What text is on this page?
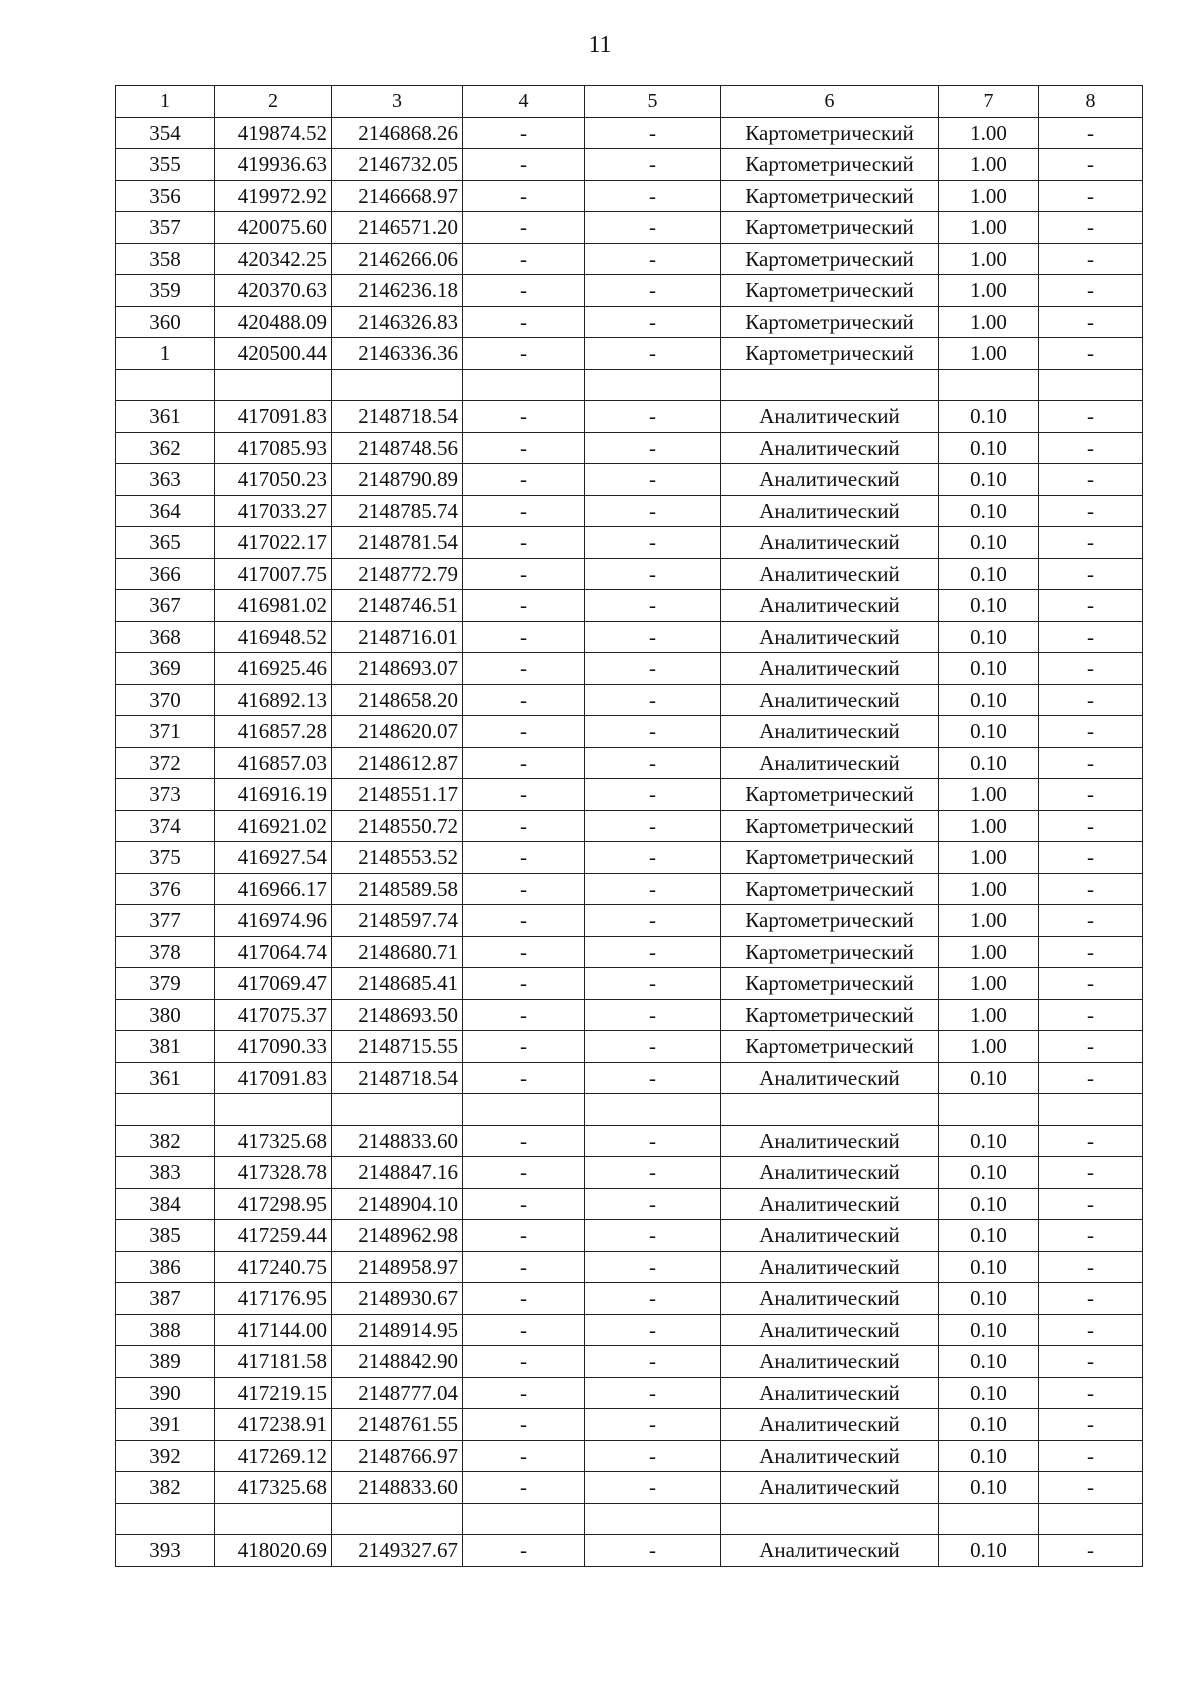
11
1	2	3	4	5	6	7	8
354	419874.52	2146868.26	-	-	Картометрический	1.00	-
355	419936.63	2146732.05	-	-	Картометрический	1.00	-
356	419972.92	2146668.97	-	-	Картометрический	1.00	-
357	420075.60	2146571.20	-	-	Картометрический	1.00	-
358	420342.25	2146266.06	-	-	Картометрический	1.00	-
359	420370.63	2146236.18	-	-	Картометрический	1.00	-
360	420488.09	2146326.83	-	-	Картометрический	1.00	-
1	420500.44	2146336.36	-	-	Картометрический	1.00	-

361	417091.83	2148718.54	-	-	Аналитический	0.10	-
362	417085.93	2148748.56	-	-	Аналитический	0.10	-
363	417050.23	2148790.89	-	-	Аналитический	0.10	-
364	417033.27	2148785.74	-	-	Аналитический	0.10	-
365	417022.17	2148781.54	-	-	Аналитический	0.10	-
366	417007.75	2148772.79	-	-	Аналитический	0.10	-
367	416981.02	2148746.51	-	-	Аналитический	0.10	-
368	416948.52	2148716.01	-	-	Аналитический	0.10	-
369	416925.46	2148693.07	-	-	Аналитический	0.10	-
370	416892.13	2148658.20	-	-	Аналитический	0.10	-
371	416857.28	2148620.07	-	-	Аналитический	0.10	-
372	416857.03	2148612.87	-	-	Аналитический	0.10	-
373	416916.19	2148551.17	-	-	Картометрический	1.00	-
374	416921.02	2148550.72	-	-	Картометрический	1.00	-
375	416927.54	2148553.52	-	-	Картометрический	1.00	-
376	416966.17	2148589.58	-	-	Картометрический	1.00	-
377	416974.96	2148597.74	-	-	Картометрический	1.00	-
378	417064.74	2148680.71	-	-	Картометрический	1.00	-
379	417069.47	2148685.41	-	-	Картометрический	1.00	-
380	417075.37	2148693.50	-	-	Картометрический	1.00	-
381	417090.33	2148715.55	-	-	Картометрический	1.00	-
361	417091.83	2148718.54	-	-	Аналитический	0.10	-

382	417325.68	2148833.60	-	-	Аналитический	0.10	-
383	417328.78	2148847.16	-	-	Аналитический	0.10	-
384	417298.95	2148904.10	-	-	Аналитический	0.10	-
385	417259.44	2148962.98	-	-	Аналитический	0.10	-
386	417240.75	2148958.97	-	-	Аналитический	0.10	-
387	417176.95	2148930.67	-	-	Аналитический	0.10	-
388	417144.00	2148914.95	-	-	Аналитический	0.10	-
389	417181.58	2148842.90	-	-	Аналитический	0.10	-
390	417219.15	2148777.04	-	-	Аналитический	0.10	-
391	417238.91	2148761.55	-	-	Аналитический	0.10	-
392	417269.12	2148766.97	-	-	Аналитический	0.10	-
382	417325.68	2148833.60	-	-	Аналитический	0.10	-

393	418020.69	2149327.67	-	-	Аналитический	0.10	-
